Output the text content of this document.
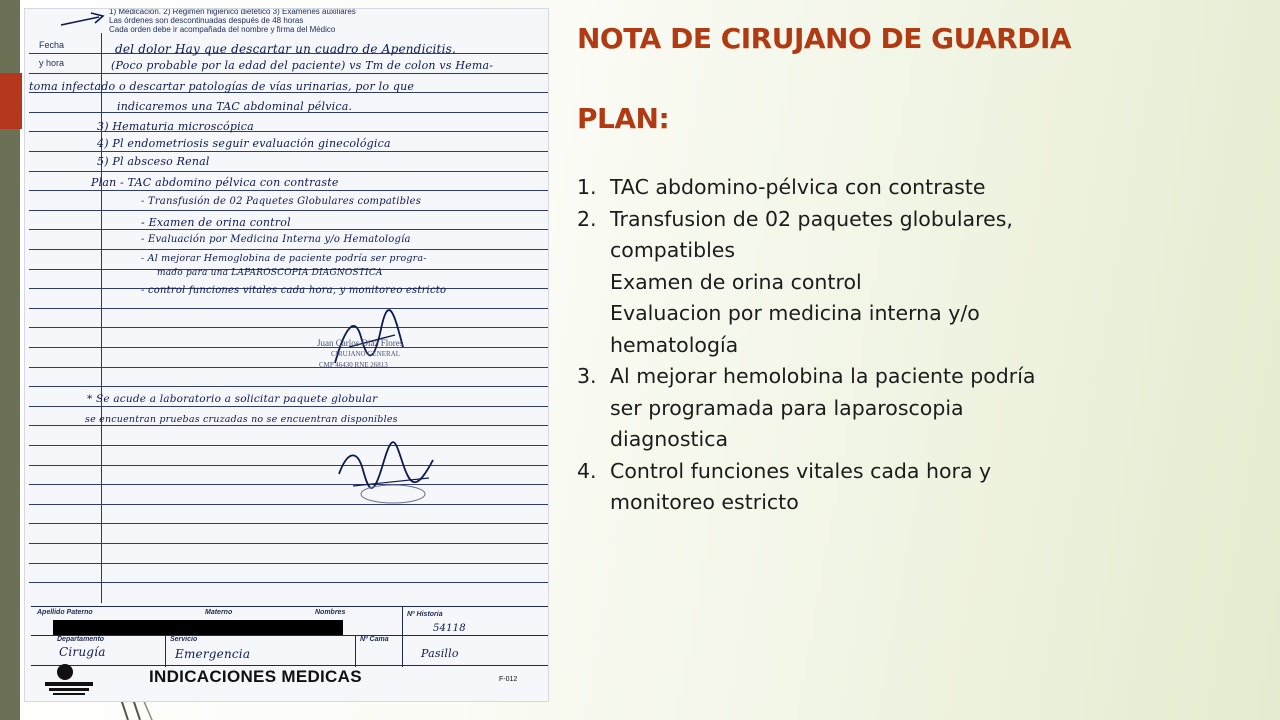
1) Medicación. 2) Régimen higiénico dietético 3) Exámenes auxiliares
Las órdenes son descontinuadas después de 48 horas
Cada orden debe ir acompañada del nombre y firma del Médico
Fecha
y hora
del dolor Hay que descartar un cuadro de Apendicitis.
(Poco probable por la edad del paciente) vs Tm de colon vs Hema-
toma infectado o descartar patologías de vías urinarias, por lo que
indicaremos una TAC abdominal pélvica.
3) Hematuria microscópica
4) Pl endometriosis seguir evaluación ginecológica
5) Pl absceso Renal
Plan - TAC abdomino pélvica con contraste
- Transfusión de 02 Paquetes Globulares compatibles
- Examen de orina control
- Evaluación por Medicina Interna y/o Hematología
- Al mejorar Hemoglobina de paciente podría ser progra-
mado para una LAPAROSCOPIA DIAGNOSTICA
- control funciones vitales cada hora, y monitoreo estricto
Juan Carlos Diaz Flores
CIRUJANO GENERAL
CMP 46430 RNE 26813
* Se acude a laboratorio a solicitar paquete globular
se encuentran pruebas cruzadas no se encuentran disponibles
Apellido Paterno	Materno	Nombres	Nº Historia
54118
Departamento	Servicio	Nº Cama
Cirugía	Emergencia	Pasillo
INDICACIONES MEDICAS	F-012
NOTA DE CIRUJANO DE GUARDIA
PLAN:
1. TAC abdomino-pélvica con contraste
2. Transfusion de 02 paquetes globulares,
compatibles
Examen de orina control
Evaluacion por medicina interna y/o
hematología
3. Al mejorar hemolobina la paciente podría
ser programada para laparoscopia
diagnostica
4. Control funciones vitales cada hora y
monitoreo estricto
